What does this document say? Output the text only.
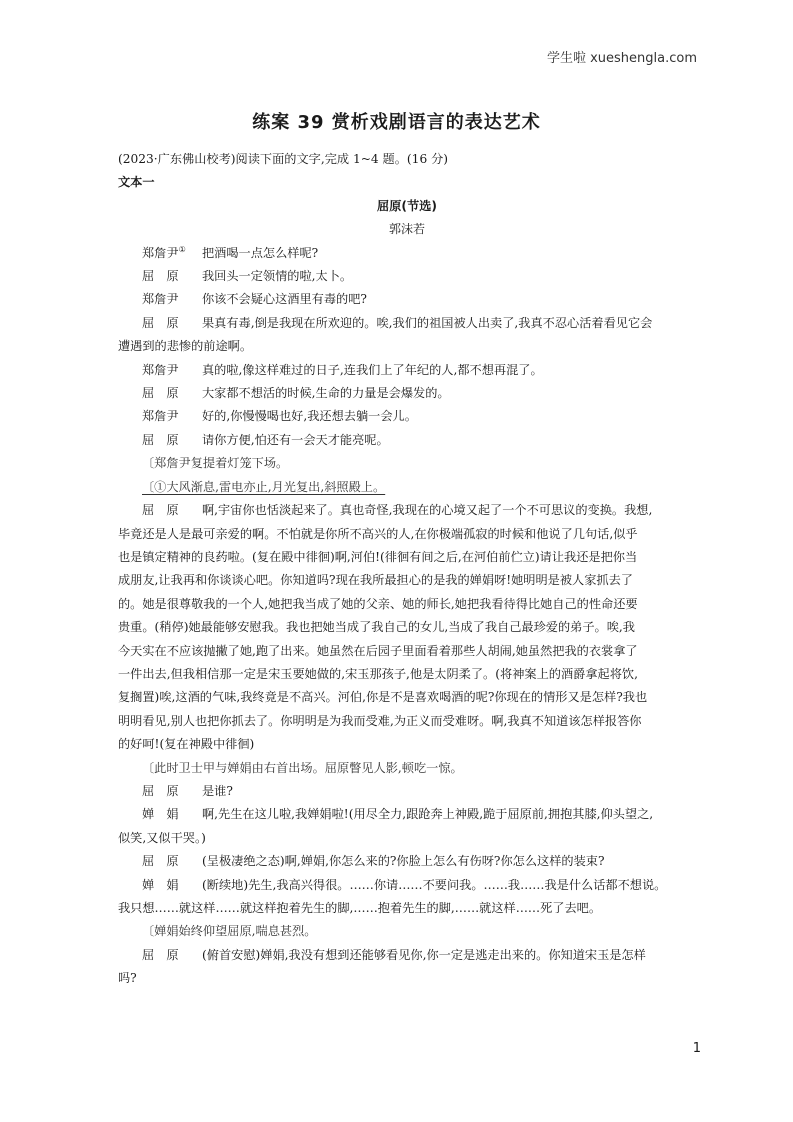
学生啦 xueshengla.com
练案 39 赏析戏剧语言的表达艺术
(2023·广东佛山校考)阅读下面的文字,完成 1~4 题。(16 分)
文本一
屈原(节选)
郭沫若
郑詹尹① 把酒喝一点怎么样呢?
屈　原 我回头一定领情的啦,太卜。
郑詹尹 你该不会疑心这酒里有毒的吧?
屈　原 果真有毒,倒是我现在所欢迎的。唉,我们的祖国被人出卖了,我真不忍心活着看见它会
遭遇到的悲惨的前途啊。
郑詹尹 真的啦,像这样难过的日子,连我们上了年纪的人,都不想再混了。
屈　原 大家都不想活的时候,生命的力量是会爆发的。
郑詹尹 好的,你慢慢喝也好,我还想去躺一会儿。
屈　原 请你方便,怕还有一会天才能亮呢。
〔郑詹尹复提着灯笼下场。
〔①大风渐息,雷电亦止,月光复出,斜照殿上。
屈　原 啊,宇宙你也恬淡起来了。真也奇怪,我现在的心境又起了一个不可思议的变换。我想,
毕竟还是人是最可亲爱的啊。不怕就是你所不高兴的人,在你极端孤寂的时候和他说了几句话,似乎
也是镇定精神的良药啦。(复在殿中徘徊)啊,河伯!(徘徊有间之后,在河伯前伫立)请让我还是把你当
成朋友,让我再和你谈谈心吧。你知道吗?现在我所最担心的是我的婵娟呀!她明明是被人家抓去了
的。她是很尊敬我的一个人,她把我当成了她的父亲、她的师长,她把我看待得比她自己的性命还要
贵重。(稍停)她最能够安慰我。我也把她当成了我自己的女儿,当成了我自己最珍爱的弟子。唉,我
今天实在不应该抛撇了她,跑了出来。她虽然在后园子里面看着那些人胡闹,她虽然把我的衣裳拿了
一件出去,但我相信那一定是宋玉要她做的,宋玉那孩子,他是太阴柔了。(将神案上的酒爵拿起将饮,
复搁置)唉,这酒的气味,我终竟是不高兴。河伯,你是不是喜欢喝酒的呢?你现在的情形又是怎样?我也
明明看见,别人也把你抓去了。你明明是为我而受难,为正义而受难呀。啊,我真不知道该怎样报答你
的好呵!(复在神殿中徘徊)
〔此时卫士甲与婵娟由右首出场。屈原瞥见人影,顿吃一惊。
屈　原 是谁?
婵　娟 啊,先生在这儿啦,我婵娟啦!(用尽全力,跟跄奔上神殿,跪于屈原前,拥抱其膝,仰头望之,
似笑,又似干哭。)
屈　原 (呈极凄绝之态)啊,婵娟,你怎么来的?你脸上怎么有伤呀?你怎么这样的装束?
婵　娟 (断续地)先生,我高兴得很。……你请……不要问我。……我……我是什么话都不想说。
我只想……就这样……就这样抱着先生的脚,……抱着先生的脚,……就这样……死了去吧。
〔婵娟始终仰望屈原,喘息甚烈。
屈　原 (俯首安慰)婵娟,我没有想到还能够看见你,你一定是逃走出来的。你知道宋玉是怎样
吗?
1
